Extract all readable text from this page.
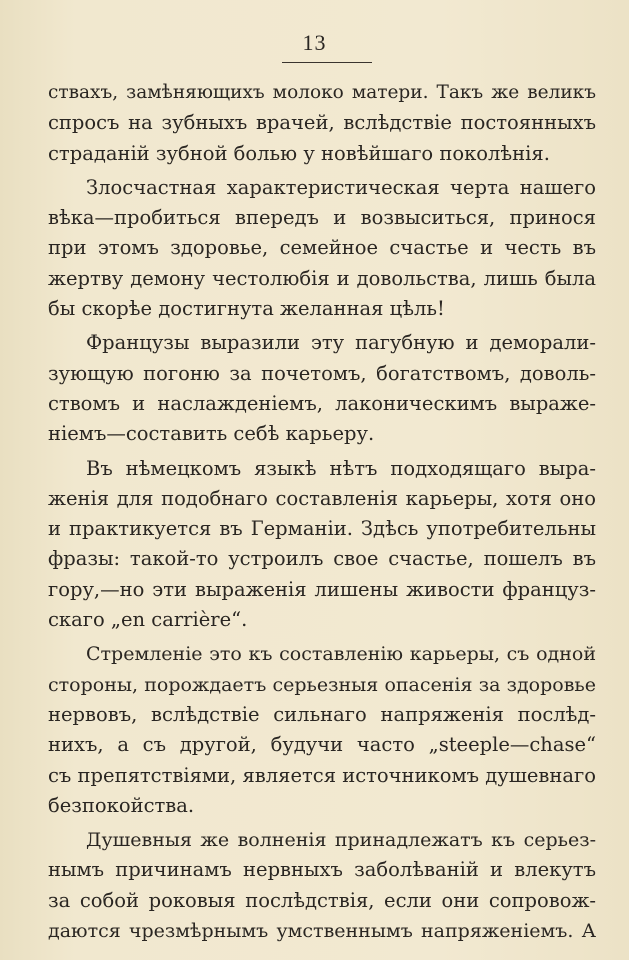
13
ствахъ, замѣняющихъ молоко матери. Такъ же великъ
спросъ на зубныхъ врачей, вслѣдствіе постоянныхъ
страданій зубной болью у новѣйшаго поколѣнія.
Злосчастная характеристическая черта нашего
вѣка—пробиться впередъ и возвыситься, принося
при этомъ здоровье, семейное счастье и честь въ
жертву демону честолюбія и довольства, лишь была
бы скорѣе достигнута желанная цѣль!
Французы выразили эту пагубную и деморали-
зующую погоню за почетомъ, богатствомъ, доволь-
ствомъ и наслажденіемъ, лаконическимъ выраже-
ніемъ—составить себѣ карьеру.
Въ нѣмецкомъ языкѣ нѣтъ подходящаго выра-
женія для подобнаго составленія карьеры, хотя оно
и практикуется въ Германіи. Здѣсь употребительны
фразы: такой-то устроилъ свое счастье, пошелъ въ
гору,—но эти выраженія лишены живости француз-
скаго „en carrière“.
Стремленіе это къ составленію карьеры, съ одной
стороны, порождаетъ серьезныя опасенія за здоровье
нервовъ, вслѣдствіе сильнаго напряженія послѣд-
нихъ, а съ другой, будучи часто „steeple—chase“
съ препятствіями, является источникомъ душевнаго
безпокойства.
Душевныя же волненія принадлежатъ къ серьез-
нымъ причинамъ нервныхъ заболѣваній и влекутъ
за собой роковыя послѣдствія, если они сопровож-
даются чрезмѣрнымъ умственнымъ напряженіемъ. А
